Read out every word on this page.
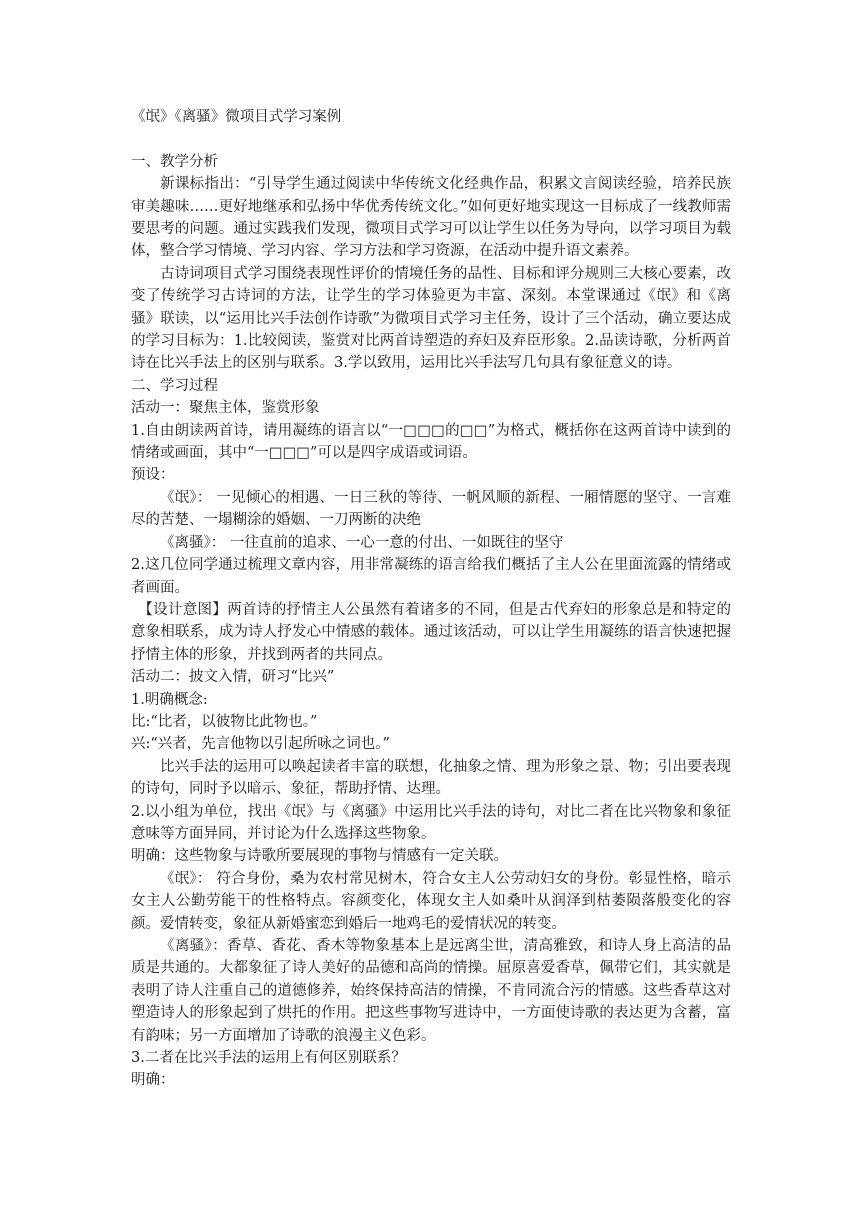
《氓》《离骚》微项目式学习案例

一、教学分析

新课标指出：“引导学生通过阅读中华传统文化经典作品，积累文言阅读经验，培养民族审美趣味……更好地继承和弘扬中华优秀传统文化。”如何更好地实现这一目标成了一线教师需要思考的问题。通过实践我们发现，微项目式学习可以让学生以任务为导向，以学习项目为载体，整合学习情境、学习内容、学习方法和学习资源，在活动中提升语文素养。

古诗词项目式学习围绕表现性评价的情境任务的品性、目标和评分规则三大核心要素，改变了传统学习古诗词的方法，让学生的学习体验更为丰富、深刻。本堂课通过《氓》和《离骚》联读，以“运用比兴手法创作诗歌”为微项目式学习主任务，设计了三个活动，确立要达成的学习目标为：1.比较阅读，鉴赏对比两首诗塑造的弃妇及弃臣形象。2.品读诗歌，分析两首诗在比兴手法上的区别与联系。3.学以致用，运用比兴手法写几句具有象征意义的诗。

二、学习过程

活动一：聚焦主体，鉴赏形象

1.自由朗读两首诗，请用凝练的语言以“一□□□的□□”为格式，概括你在这两首诗中读到的情绪或画面，其中“一□□□”可以是四字成语或词语。

预设：

《氓》： 一见倾心的相遇、一日三秋的等待、一帆风顺的新程、一厢情愿的坚守、一言难尽的苦楚、一塌糊涂的婚姻、一刀两断的决绝

《离骚》： 一往直前的追求、一心一意的付出、一如既往的坚守

2.这几位同学通过梳理文章内容，用非常凝练的语言给我们概括了主人公在里面流露的情绪或者画面。

【设计意图】两首诗的抒情主人公虽然有着诸多的不同，但是古代弃妇的形象总是和特定的意象相联系，成为诗人抒发心中情感的载体。通过该活动，可以让学生用凝练的语言快速把握抒情主体的形象，并找到两者的共同点。

活动二：披文入情，研习“比兴”

1.明确概念:

比:“比者，以彼物比此物也。”

兴:“兴者，先言他物以引起所咏之词也。”

比兴手法的运用可以唤起读者丰富的联想，化抽象之情、理为形象之景、物；引出要表现的诗句，同时予以暗示、象征，帮助抒情、达理。

2.以小组为单位，找出《氓》与《离骚》中运用比兴手法的诗句，对比二者在比兴物象和象征意味等方面异同，并讨论为什么选择这些物象。

明确：这些物象与诗歌所要展现的事物与情感有一定关联。

《氓》： 符合身份，桑为农村常见树木，符合女主人公劳动妇女的身份。彰显性格，暗示女主人公勤劳能干的性格特点。容颜变化，体现女主人如桑叶从润泽到枯萎陨落般变化的容颜。爱情转变，象征从新婚蜜恋到婚后一地鸡毛的爱情状况的转变。

《离骚》：香草、香花、香木等物象基本上是远离尘世，清高雅致，和诗人身上高洁的品质是共通的。大都象征了诗人美好的品德和高尚的情操。屈原喜爱香草，佩带它们，其实就是表明了诗人注重自己的道德修养，始终保持高洁的情操，不肯同流合污的情感。这些香草这对塑造诗人的形象起到了烘托的作用。把这些事物写进诗中，一方面使诗歌的表达更为含蓄，富有韵味；另一方面增加了诗歌的浪漫主义色彩。

3.二者在比兴手法的运用上有何区别联系？

明确：
